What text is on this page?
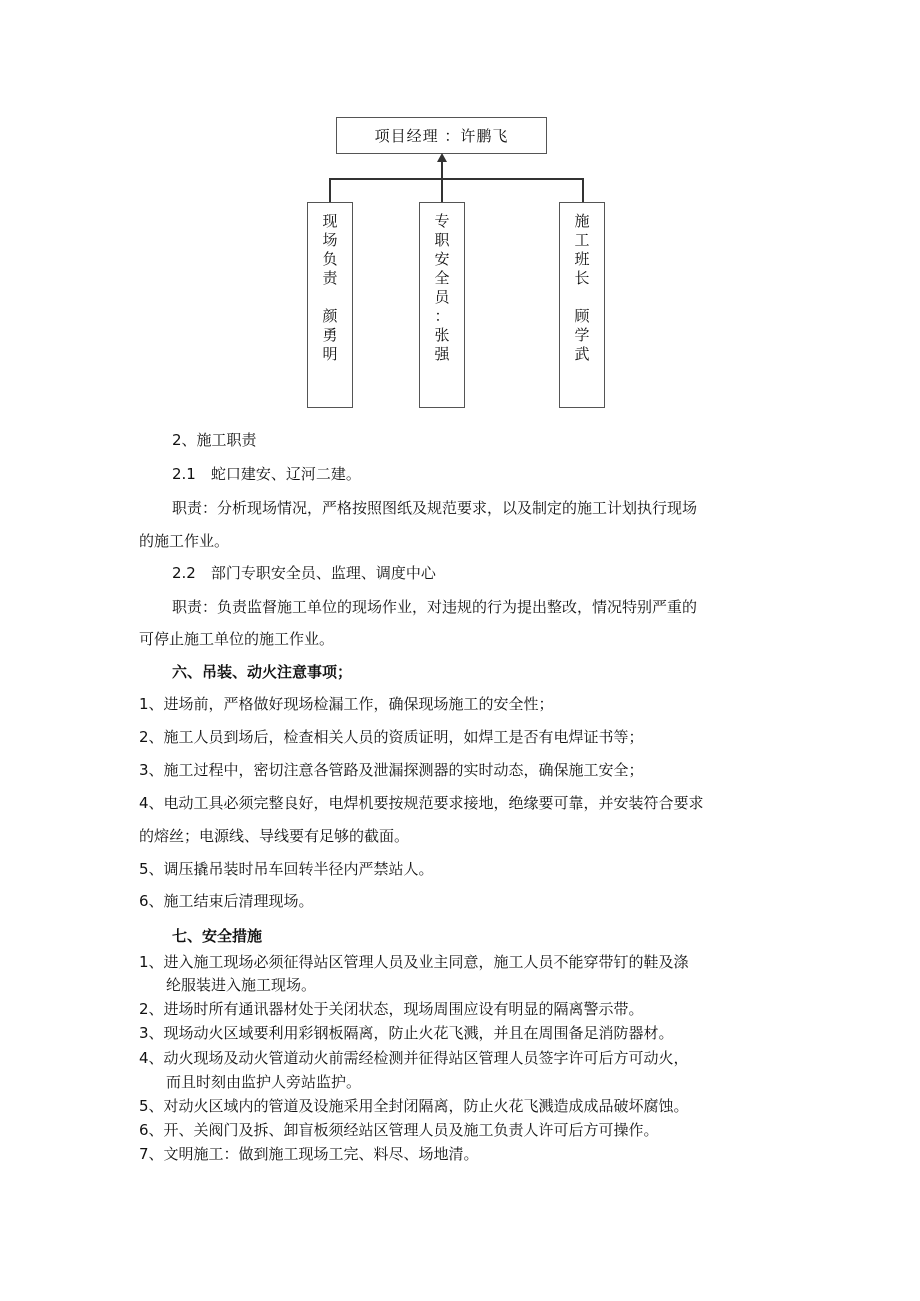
项目经理 ：许鹏飞
现
场
负
责
颜
勇
明
专
职
安
全
员
：
张
强
施
工
班
长
顾
学
武
2、施工职责
2.1　蛇口建安、辽河二建。
职责：分析现场情况，严格按照图纸及规范要求，以及制定的施工计划执行现场
的施工作业。
2.2　部门专职安全员、监理、调度中心
职责：负责监督施工单位的现场作业，对违规的行为提出整改，情况特别严重的
可停止施工单位的施工作业。
六、吊装、动火注意事项；
1、进场前，严格做好现场检漏工作，确保现场施工的安全性；
2、施工人员到场后，检查相关人员的资质证明，如焊工是否有电焊证书等；
3、施工过程中，密切注意各管路及泄漏探测器的实时动态，确保施工安全；
4、电动工具必须完整良好，电焊机要按规范要求接地，绝缘要可靠，并安装符合要求
的熔丝；电源线、导线要有足够的截面。
5、调压撬吊装时吊车回转半径内严禁站人。
6、施工结束后清理现场。
七、安全措施
1、进入施工现场必须征得站区管理人员及业主同意，施工人员不能穿带钉的鞋及涤
纶服装进入施工现场。
2、进场时所有通讯器材处于关闭状态，现场周围应设有明显的隔离警示带。
3、现场动火区域要利用彩钢板隔离，防止火花飞溅，并且在周围备足消防器材。
4、动火现场及动火管道动火前需经检测并征得站区管理人员签字许可后方可动火，
而且时刻由监护人旁站监护。
5、对动火区域内的管道及设施采用全封闭隔离，防止火花飞溅造成成品破坏腐蚀。
6、开、关阀门及拆、卸盲板须经站区管理人员及施工负责人许可后方可操作。
7、文明施工：做到施工现场工完、料尽、场地清。
